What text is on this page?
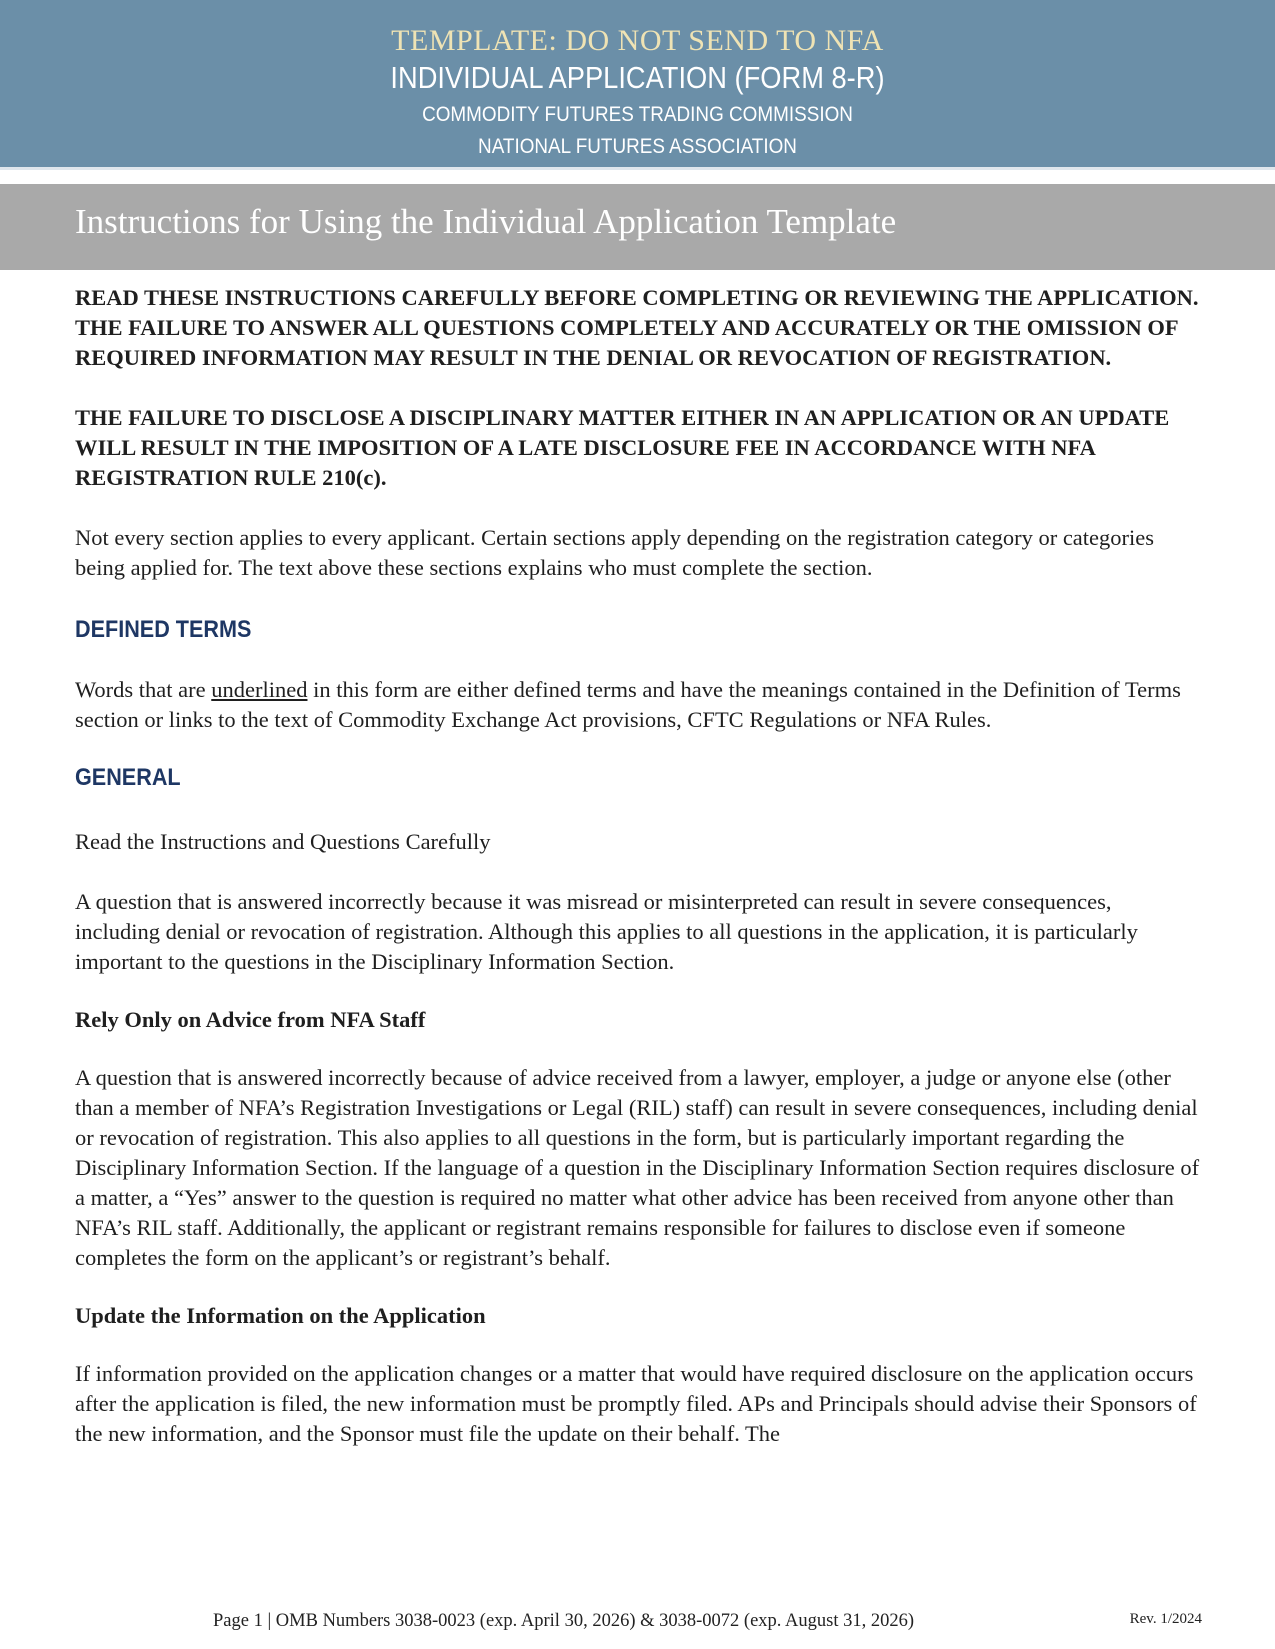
TEMPLATE: DO NOT SEND TO NFA
INDIVIDUAL APPLICATION (FORM 8-R)
COMMODITY FUTURES TRADING COMMISSION
NATIONAL FUTURES ASSOCIATION
Instructions for Using the Individual Application Template

READ THESE INSTRUCTIONS CAREFULLY BEFORE COMPLETING OR REVIEWING THE APPLICATION. THE FAILURE TO ANSWER ALL QUESTIONS COMPLETELY AND ACCURATELY OR THE OMISSION OF REQUIRED INFORMATION MAY RESULT IN THE DENIAL OR REVOCATION OF REGISTRATION.

THE FAILURE TO DISCLOSE A DISCIPLINARY MATTER EITHER IN AN APPLICATION OR AN UPDATE WILL RESULT IN THE IMPOSITION OF A LATE DISCLOSURE FEE IN ACCORDANCE WITH NFA REGISTRATION RULE 210(c).

Not every section applies to every applicant. Certain sections apply depending on the registration category or categories being applied for. The text above these sections explains who must complete the section.

DEFINED TERMS

Words that are underlined in this form are either defined terms and have the meanings contained in the Definition of Terms section or links to the text of Commodity Exchange Act provisions, CFTC Regulations or NFA Rules.

GENERAL

Read the Instructions and Questions Carefully

A question that is answered incorrectly because it was misread or misinterpreted can result in severe consequences, including denial or revocation of registration. Although this applies to all questions in the application, it is particularly important to the questions in the Disciplinary Information Section.

Rely Only on Advice from NFA Staff

A question that is answered incorrectly because of advice received from a lawyer, employer, a judge or anyone else (other than a member of NFA’s Registration Investigations or Legal (RIL) staff) can result in severe consequences, including denial or revocation of registration. This also applies to all questions in the form, but is particularly important regarding the Disciplinary Information Section. If the language of a question in the Disciplinary Information Section requires disclosure of a matter, a “Yes” answer to the question is required no matter what other advice has been received from anyone other than NFA’s RIL staff. Additionally, the applicant or registrant remains responsible for failures to disclose even if someone completes the form on the applicant’s or registrant’s behalf.

Update the Information on the Application

If information provided on the application changes or a matter that would have required disclosure on the application occurs after the application is filed, the new information must be promptly filed. APs and Principals should advise their Sponsors of the new information, and the Sponsor must file the update on their behalf. The

Page 1 | OMB Numbers 3038-0023 (exp. April 30, 2026) & 3038-0072 (exp. August 31, 2026)	Rev. 1/2024
